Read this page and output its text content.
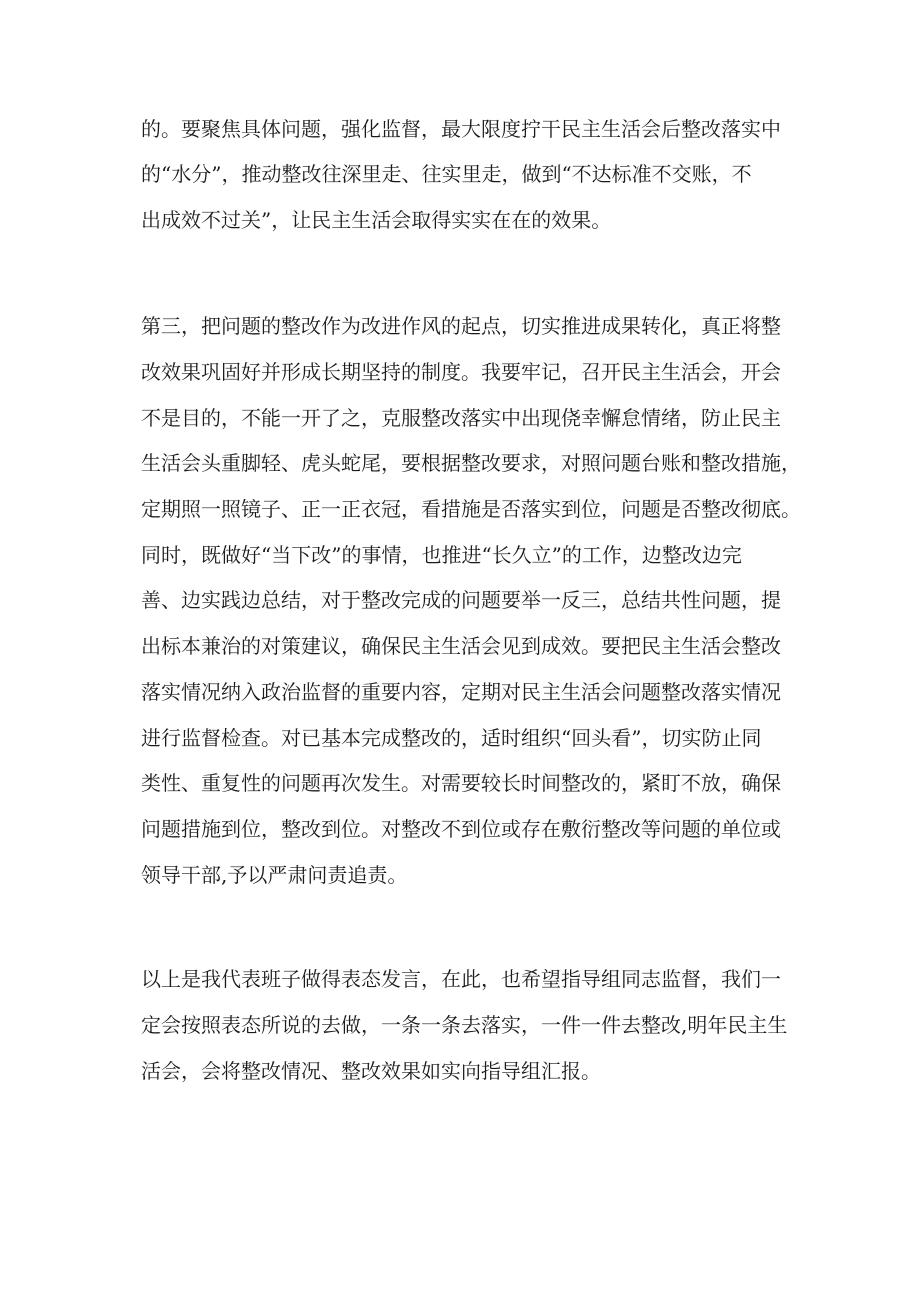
的。要聚焦具体问题，强化监督，最大限度拧干民主生活会后整改落实中

的“水分”，推动整改往深里走、往实里走，做到“不达标准不交账，不

出成效不过关”，让民主生活会取得实实在在的效果。

第三，把问题的整改作为改进作风的起点，切实推进成果转化，真正将整

改效果巩固好并形成长期坚持的制度。我要牢记，召开民主生活会，开会

不是目的，不能一开了之，克服整改落实中出现侥幸懈怠情绪，防止民主

生活会头重脚轻、虎头蛇尾，要根据整改要求，对照问题台账和整改措施，

定期照一照镜子、正一正衣冠，看措施是否落实到位，问题是否整改彻底。

同时，既做好“当下改”的事情，也推进“长久立”的工作，边整改边完

善、边实践边总结，对于整改完成的问题要举一反三，总结共性问题，提

出标本兼治的对策建议，确保民主生活会见到成效。要把民主生活会整改

落实情况纳入政治监督的重要内容，定期对民主生活会问题整改落实情况

进行监督检查。对已基本完成整改的，适时组织“回头看”，切实防止同

类性、重复性的问题再次发生。对需要较长时间整改的，紧盯不放，确保

问题措施到位，整改到位。对整改不到位或存在敷衍整改等问题的单位或

领导干部,予以严肃问责追责。

以上是我代表班子做得表态发言，在此，也希望指导组同志监督，我们一

定会按照表态所说的去做，一条一条去落实，一件一件去整改,明年民主生

活会，会将整改情况、整改效果如实向指导组汇报。
